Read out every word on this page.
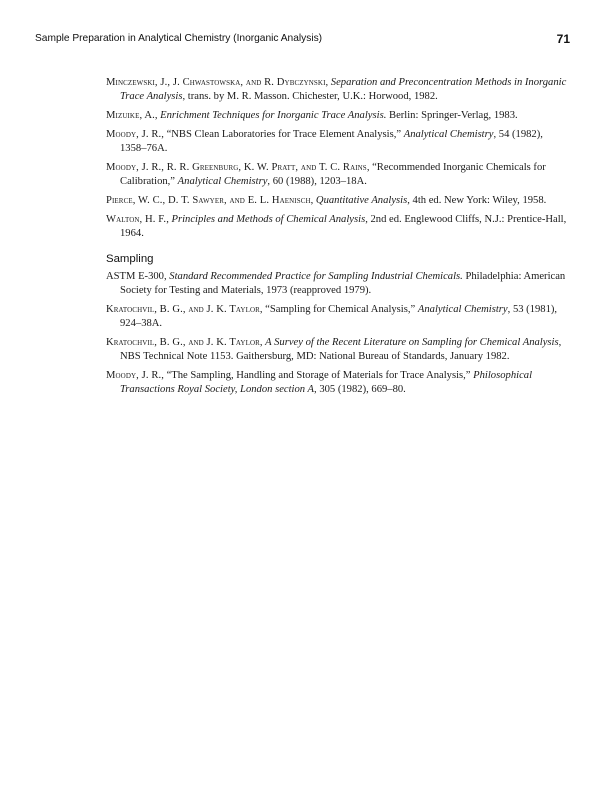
Sample Preparation in Analytical Chemistry (Inorganic Analysis)	71

Minczewski, J., J. Chwastowska, and R. Dybczynski, Separation and Preconcentration Methods in Inorganic Trace Analysis, trans. by M. R. Masson. Chichester, U.K.: Horwood, 1982.

Mizuike, A., Enrichment Techniques for Inorganic Trace Analysis. Berlin: Springer-Verlag, 1983.

Moody, J. R., “NBS Clean Laboratories for Trace Element Analysis,” Analytical Chemistry, 54 (1982), 1358–76A.

Moody, J. R., R. R. Greenburg, K. W. Pratt, and T. C. Rains, “Recommended Inorganic Chemicals for Calibration,” Analytical Chemistry, 60 (1988), 1203–18A.

Pierce, W. C., D. T. Sawyer, and E. L. Haenisch, Quantitative Analysis, 4th ed. New York: Wiley, 1958.

Walton, H. F., Principles and Methods of Chemical Analysis, 2nd ed. Englewood Cliffs, N.J.: Prentice-Hall, 1964.

Sampling

ASTM E-300, Standard Recommended Practice for Sampling Industrial Chemicals. Philadelphia: American Society for Testing and Materials, 1973 (reapproved 1979).

Kratochvil, B. G., and J. K. Taylor, “Sampling for Chemical Analysis,” Analytical Chemistry, 53 (1981), 924–38A.

Kratochvil, B. G., and J. K. Taylor, A Survey of the Recent Literature on Sampling for Chemical Analysis, NBS Technical Note 1153. Gaithersburg, MD: National Bureau of Standards, January 1982.

Moody, J. R., “The Sampling, Handling and Storage of Materials for Trace Analysis,” Philosophical Transactions Royal Society, London section A, 305 (1982), 669–80.
